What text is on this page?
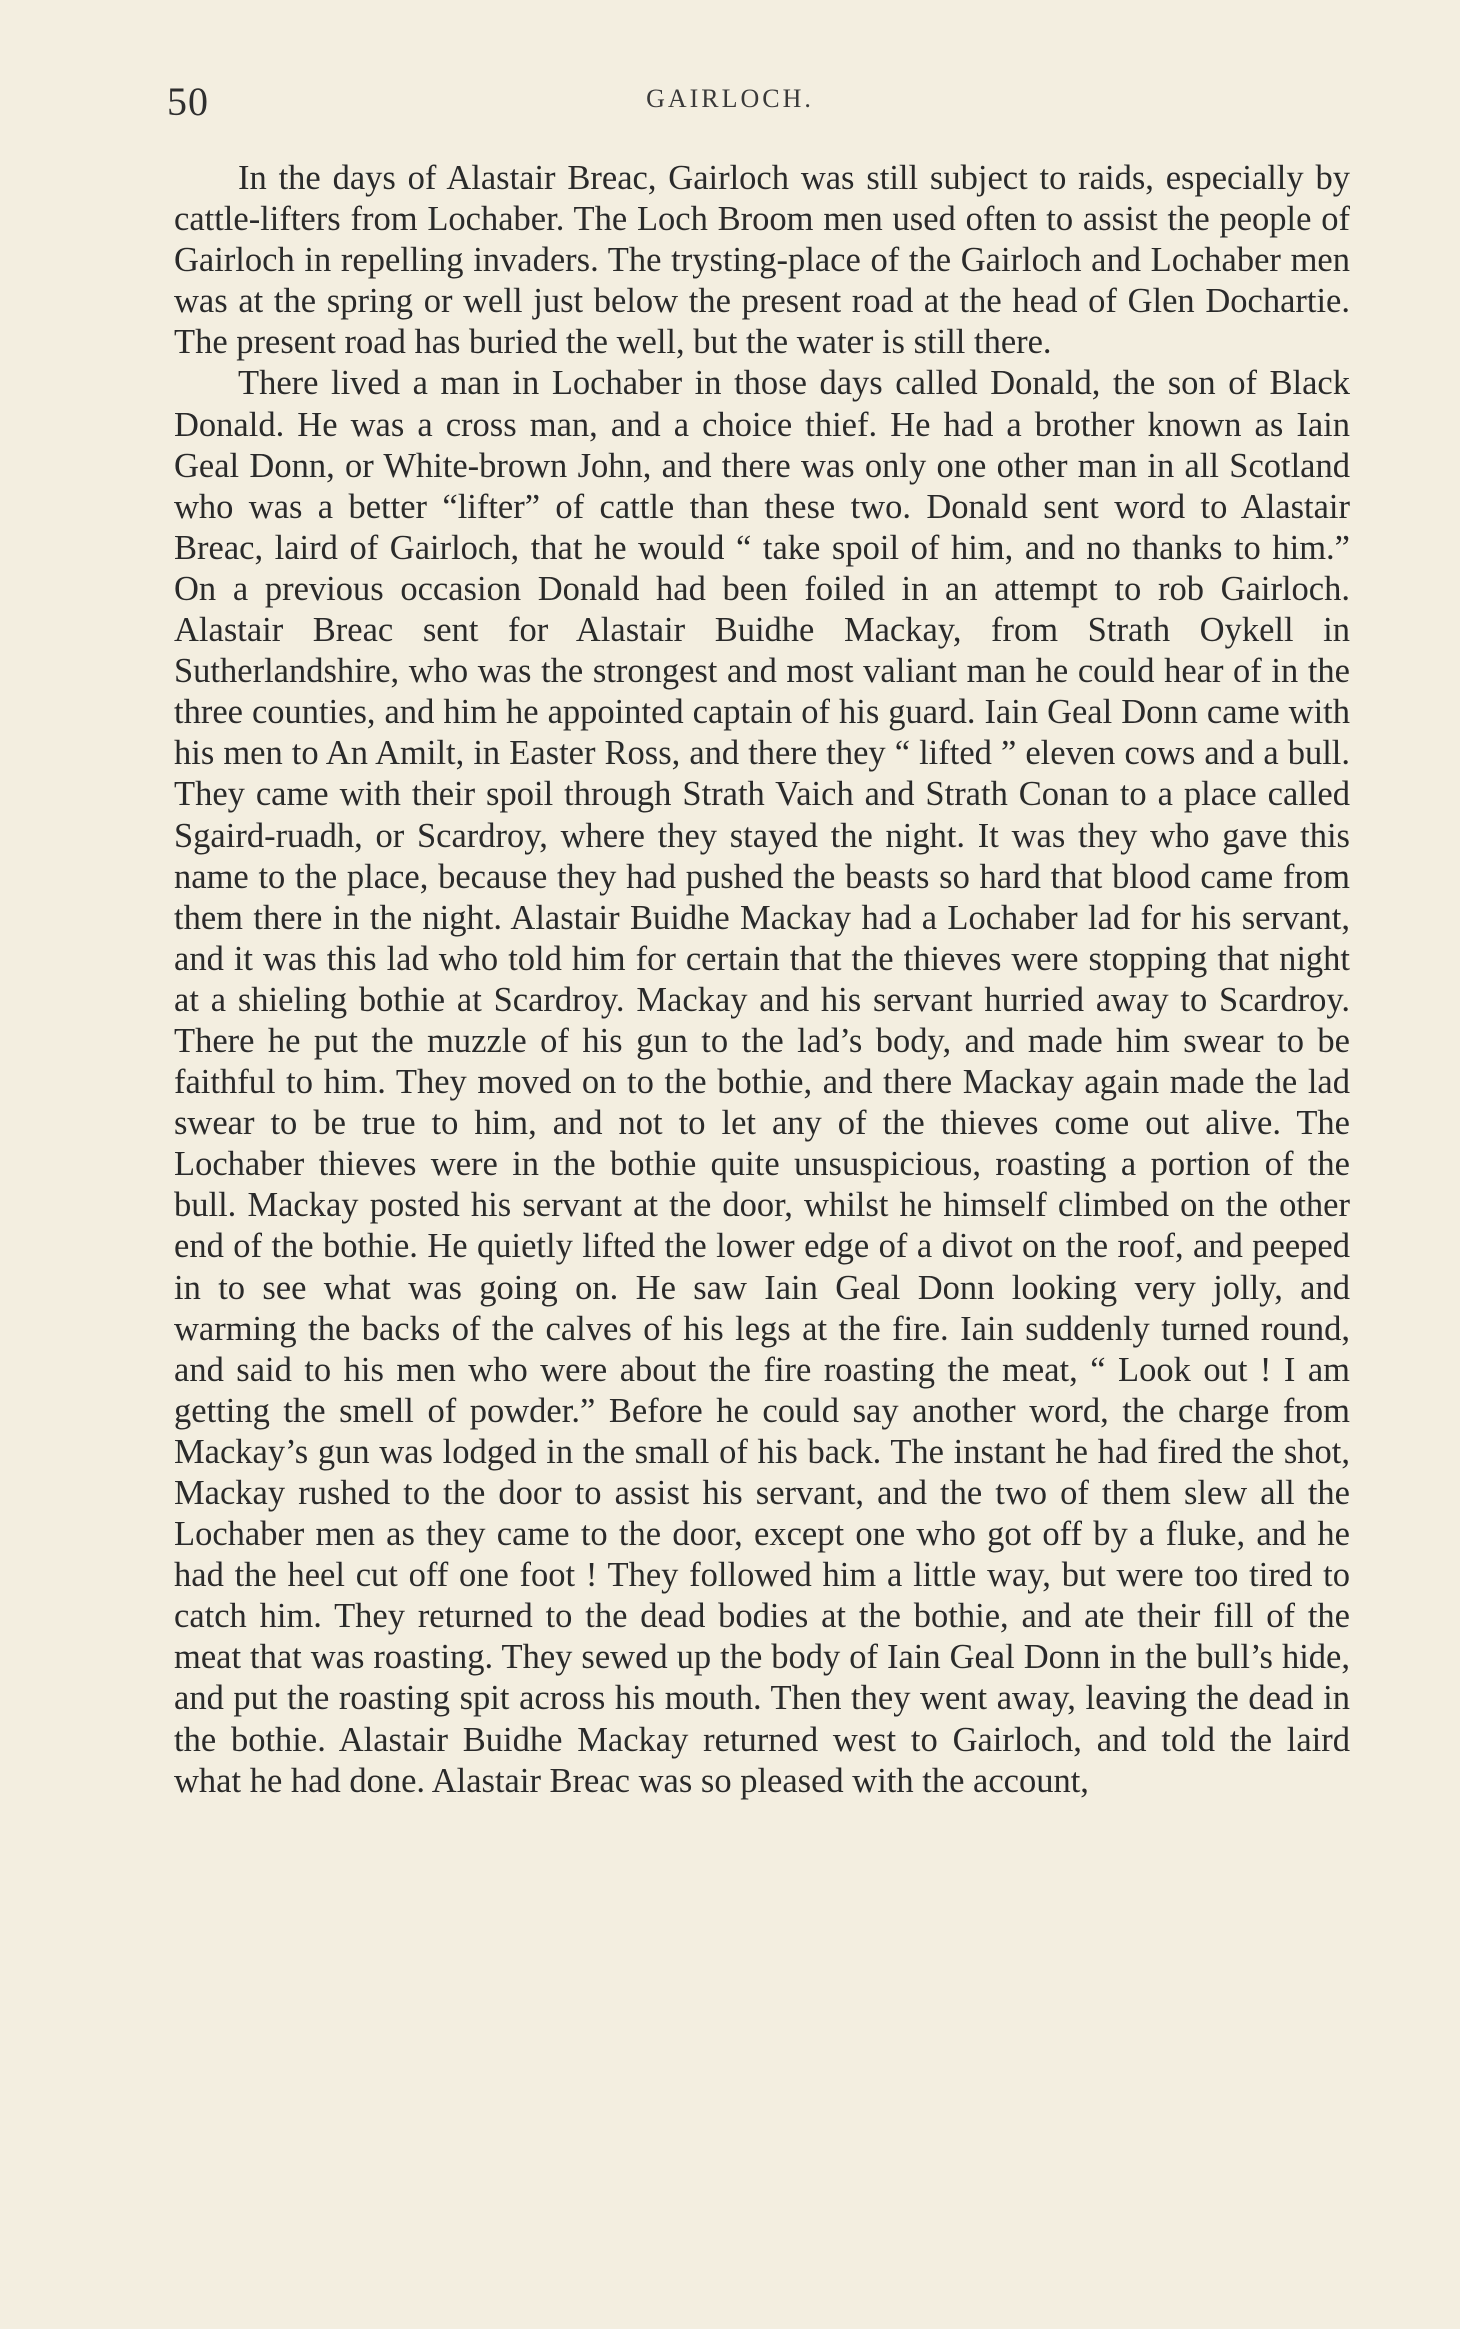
50	GAIRLOCH.

In the days of Alastair Breac, Gairloch was still subject to raids, especially by cattle-lifters from Lochaber. The Loch Broom men used often to assist the people of Gairloch in repelling invaders. The trysting-place of the Gairloch and Lochaber men was at the spring or well just below the present road at the head of Glen Dochartie. The present road has buried the well, but the water is still there.

There lived a man in Lochaber in those days called Donald, the son of Black Donald. He was a cross man, and a choice thief. He had a brother known as Iain Geal Donn, or White-brown John, and there was only one other man in all Scotland who was a better “lifter” of cattle than these two. Donald sent word to Alastair Breac, laird of Gairloch, that he would “ take spoil of him, and no thanks to him.” On a previous occasion Donald had been foiled in an attempt to rob Gairloch. Alastair Breac sent for Alastair Buidhe Mackay, from Strath Oykell in Sutherlandshire, who was the strongest and most valiant man he could hear of in the three counties, and him he appointed captain of his guard. Iain Geal Donn came with his men to An Amilt, in Easter Ross, and there they “ lifted ” eleven cows and a bull. They came with their spoil through Strath Vaich and Strath Conan to a place called Sgaird-ruadh, or Scardroy, where they stayed the night. It was they who gave this name to the place, because they had pushed the beasts so hard that blood came from them there in the night. Alastair Buidhe Mackay had a Lochaber lad for his servant, and it was this lad who told him for certain that the thieves were stopping that night at a shieling bothie at Scardroy. Mackay and his servant hurried away to Scardroy. There he put the muzzle of his gun to the lad’s body, and made him swear to be faithful to him. They moved on to the bothie, and there Mackay again made the lad swear to be true to him, and not to let any of the thieves come out alive. The Lochaber thieves were in the bothie quite unsuspicious, roasting a portion of the bull. Mackay posted his servant at the door, whilst he himself climbed on the other end of the bothie. He quietly lifted the lower edge of a divot on the roof, and peeped in to see what was going on. He saw Iain Geal Donn looking very jolly, and warming the backs of the calves of his legs at the fire. Iain suddenly turned round, and said to his men who were about the fire roasting the meat, “ Look out ! I am getting the smell of powder.” Before he could say another word, the charge from Mackay’s gun was lodged in the small of his back. The instant he had fired the shot, Mackay rushed to the door to assist his servant, and the two of them slew all the Lochaber men as they came to the door, except one who got off by a fluke, and he had the heel cut off one foot ! They followed him a little way, but were too tired to catch him. They returned to the dead bodies at the bothie, and ate their fill of the meat that was roasting. They sewed up the body of Iain Geal Donn in the bull’s hide, and put the roasting spit across his mouth. Then they went away, leaving the dead in the bothie. Alastair Buidhe Mackay returned west to Gairloch, and told the laird what he had done. Alastair Breac was so pleased with the account,
